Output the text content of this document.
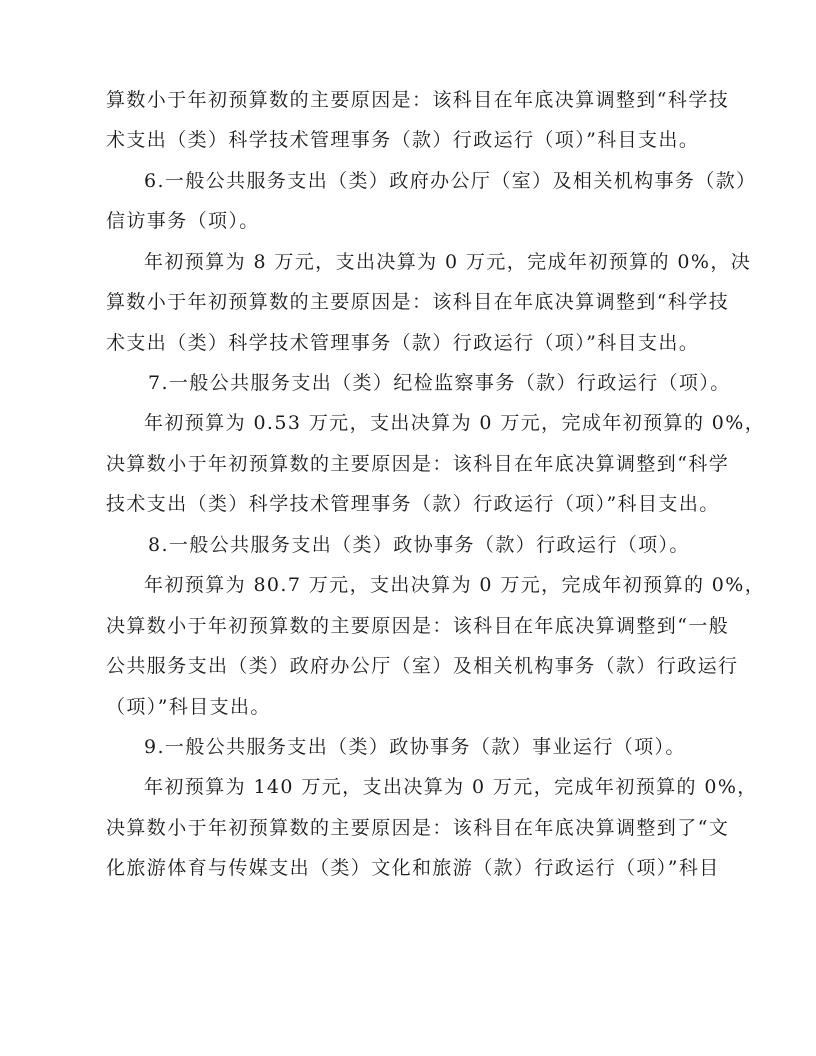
算数小于年初预算数的主要原因是：该科目在年底决算调整到“科学技
术支出（类）科学技术管理事务（款）行政运行（项）”科目支出。
6.一般公共服务支出（类）政府办公厅（室）及相关机构事务（款）
信访事务（项）。
年初预算为 8 万元，支出决算为 0 万元，完成年初预算的 0%，决
算数小于年初预算数的主要原因是：该科目在年底决算调整到“科学技
术支出（类）科学技术管理事务（款）行政运行（项）”科目支出。
7.一般公共服务支出（类）纪检监察事务（款）行政运行（项）。
年初预算为 0.53 万元，支出决算为 0 万元，完成年初预算的 0%，
决算数小于年初预算数的主要原因是：该科目在年底决算调整到“科学
技术支出（类）科学技术管理事务（款）行政运行（项）”科目支出。
8.一般公共服务支出（类）政协事务（款）行政运行（项）。
年初预算为 80.7 万元，支出决算为 0 万元，完成年初预算的 0%，
决算数小于年初预算数的主要原因是：该科目在年底决算调整到“一般
公共服务支出（类）政府办公厅（室）及相关机构事务（款）行政运行
（项）”科目支出。
9.一般公共服务支出（类）政协事务（款）事业运行（项）。
年初预算为 140 万元，支出决算为 0 万元，完成年初预算的 0%，
决算数小于年初预算数的主要原因是：该科目在年底决算调整到了“文
化旅游体育与传媒支出（类）文化和旅游（款）行政运行（项）”科目
